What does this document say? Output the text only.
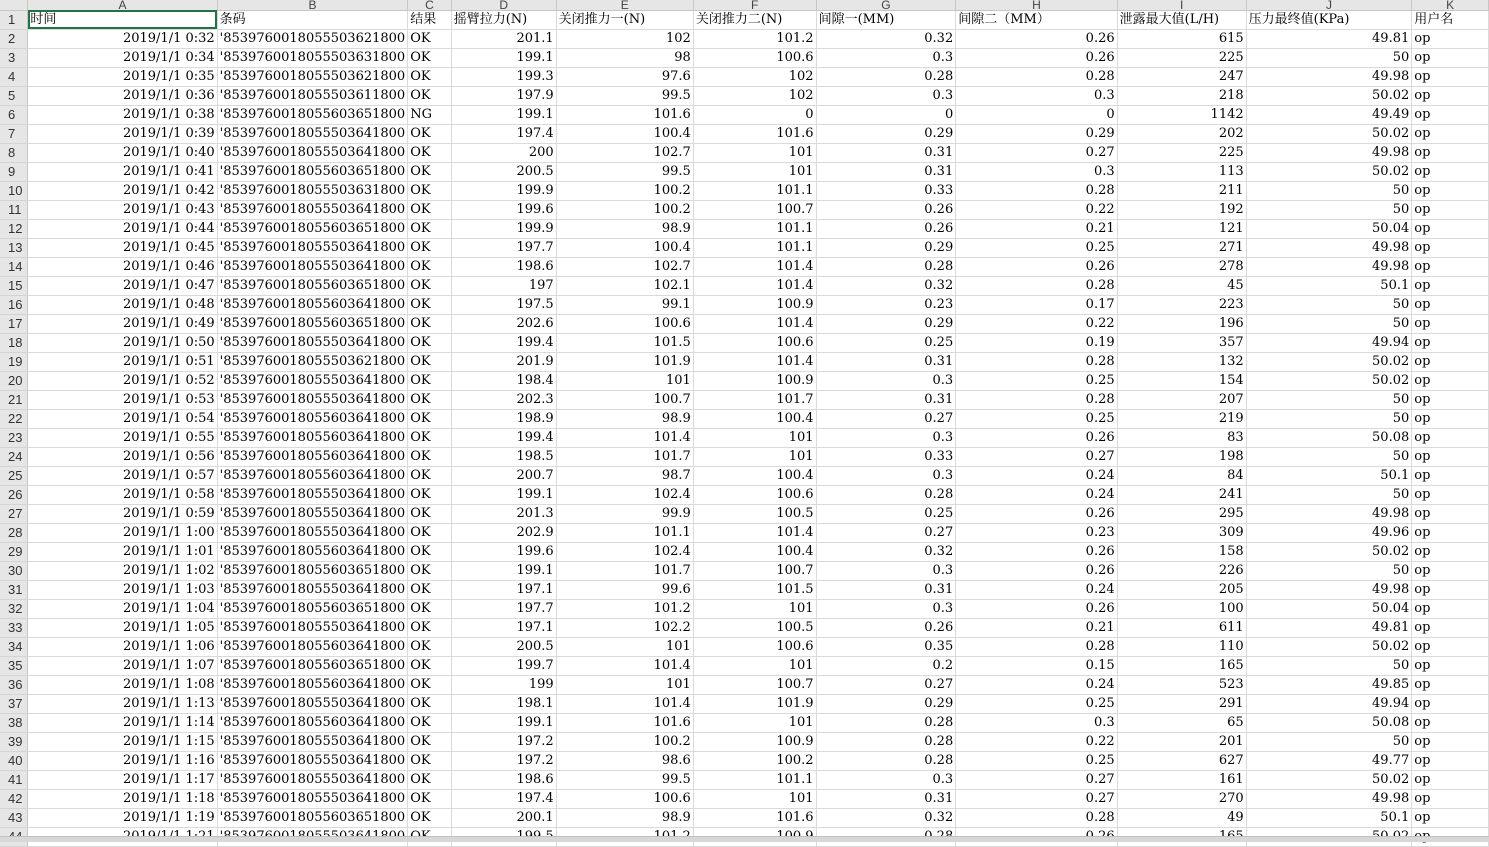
	A	B	C	D	E	F	G	H	I	J	K
1	时间	条码	结果	摇臂拉力(N)	关闭推力一(N)	关闭推力二(N)	间隙一(MM)	间隙二（MM）	泄露最大值(L/H)	压力最终值(KPa)	用户名
2	2019/1/1 0:32	'8539760018055503621800	OK	201.1	102	101.2	0.32	0.26	615	49.81	op
3	2019/1/1 0:34	'8539760018055503631800	OK	199.1	98	100.6	0.3	0.26	225	50	op
4	2019/1/1 0:35	'8539760018055503621800	OK	199.3	97.6	102	0.28	0.28	247	49.98	op
5	2019/1/1 0:36	'8539760018055503611800	OK	197.9	99.5	102	0.3	0.3	218	50.02	op
6	2019/1/1 0:38	'8539760018055603651800	NG	199.1	101.6	0	0	0	1142	49.49	op
7	2019/1/1 0:39	'8539760018055503641800	OK	197.4	100.4	101.6	0.29	0.29	202	50.02	op
8	2019/1/1 0:40	'8539760018055503641800	OK	200	102.7	101	0.31	0.27	225	49.98	op
9	2019/1/1 0:41	'8539760018055603651800	OK	200.5	99.5	101	0.31	0.3	113	50.02	op
10	2019/1/1 0:42	'8539760018055503631800	OK	199.9	100.2	101.1	0.33	0.28	211	50	op
11	2019/1/1 0:43	'8539760018055503641800	OK	199.6	100.2	100.7	0.26	0.22	192	50	op
12	2019/1/1 0:44	'8539760018055603651800	OK	199.9	98.9	101.1	0.26	0.21	121	50.04	op
13	2019/1/1 0:45	'8539760018055503641800	OK	197.7	100.4	101.1	0.29	0.25	271	49.98	op
14	2019/1/1 0:46	'8539760018055503641800	OK	198.6	102.7	101.4	0.28	0.26	278	49.98	op
15	2019/1/1 0:47	'8539760018055603651800	OK	197	102.1	101.4	0.32	0.28	45	50.1	op
16	2019/1/1 0:48	'8539760018055603641800	OK	197.5	99.1	100.9	0.23	0.17	223	50	op
17	2019/1/1 0:49	'8539760018055603651800	OK	202.6	100.6	101.4	0.29	0.22	196	50	op
18	2019/1/1 0:50	'8539760018055503641800	OK	199.4	101.5	100.6	0.25	0.19	357	49.94	op
19	2019/1/1 0:51	'8539760018055503621800	OK	201.9	101.9	101.4	0.31	0.28	132	50.02	op
20	2019/1/1 0:52	'8539760018055503641800	OK	198.4	101	100.9	0.3	0.25	154	50.02	op
21	2019/1/1 0:53	'8539760018055503641800	OK	202.3	100.7	101.7	0.31	0.28	207	50	op
22	2019/1/1 0:54	'8539760018055603641800	OK	198.9	98.9	100.4	0.27	0.25	219	50	op
23	2019/1/1 0:55	'8539760018055603641800	OK	199.4	101.4	101	0.3	0.26	83	50.08	op
24	2019/1/1 0:56	'8539760018055603641800	OK	198.5	101.7	101	0.33	0.27	198	50	op
25	2019/1/1 0:57	'8539760018055603641800	OK	200.7	98.7	100.4	0.3	0.24	84	50.1	op
26	2019/1/1 0:58	'8539760018055503641800	OK	199.1	102.4	100.6	0.28	0.24	241	50	op
27	2019/1/1 0:59	'8539760018055503641800	OK	201.3	99.9	100.5	0.25	0.26	295	49.98	op
28	2019/1/1 1:00	'8539760018055503641800	OK	202.9	101.1	101.4	0.27	0.23	309	49.96	op
29	2019/1/1 1:01	'8539760018055603641800	OK	199.6	102.4	100.4	0.32	0.26	158	50.02	op
30	2019/1/1 1:02	'8539760018055603651800	OK	199.1	101.7	100.7	0.3	0.26	226	50	op
31	2019/1/1 1:03	'8539760018055503641800	OK	197.1	99.6	101.5	0.31	0.24	205	49.98	op
32	2019/1/1 1:04	'8539760018055603651800	OK	197.7	101.2	101	0.3	0.26	100	50.04	op
33	2019/1/1 1:05	'8539760018055503641800	OK	197.1	102.2	100.5	0.26	0.21	611	49.81	op
34	2019/1/1 1:06	'8539760018055603641800	OK	200.5	101	100.6	0.35	0.28	110	50.02	op
35	2019/1/1 1:07	'8539760018055603651800	OK	199.7	101.4	101	0.2	0.15	165	50	op
36	2019/1/1 1:08	'8539760018055603641800	OK	199	101	100.7	0.27	0.24	523	49.85	op
37	2019/1/1 1:13	'8539760018055503641800	OK	198.1	101.4	101.9	0.29	0.25	291	49.94	op
38	2019/1/1 1:14	'8539760018055603641800	OK	199.1	101.6	101	0.28	0.3	65	50.08	op
39	2019/1/1 1:15	'8539760018055503641800	OK	197.2	100.2	100.9	0.28	0.22	201	50	op
40	2019/1/1 1:16	'8539760018055503641800	OK	197.2	98.6	100.2	0.28	0.25	627	49.77	op
41	2019/1/1 1:17	'8539760018055503641800	OK	198.6	99.5	101.1	0.3	0.27	161	50.02	op
42	2019/1/1 1:18	'8539760018055503641800	OK	197.4	100.6	101	0.31	0.27	270	49.98	op
43	2019/1/1 1:19	'8539760018055603651800	OK	200.1	98.9	101.6	0.32	0.28	49	50.1	op
